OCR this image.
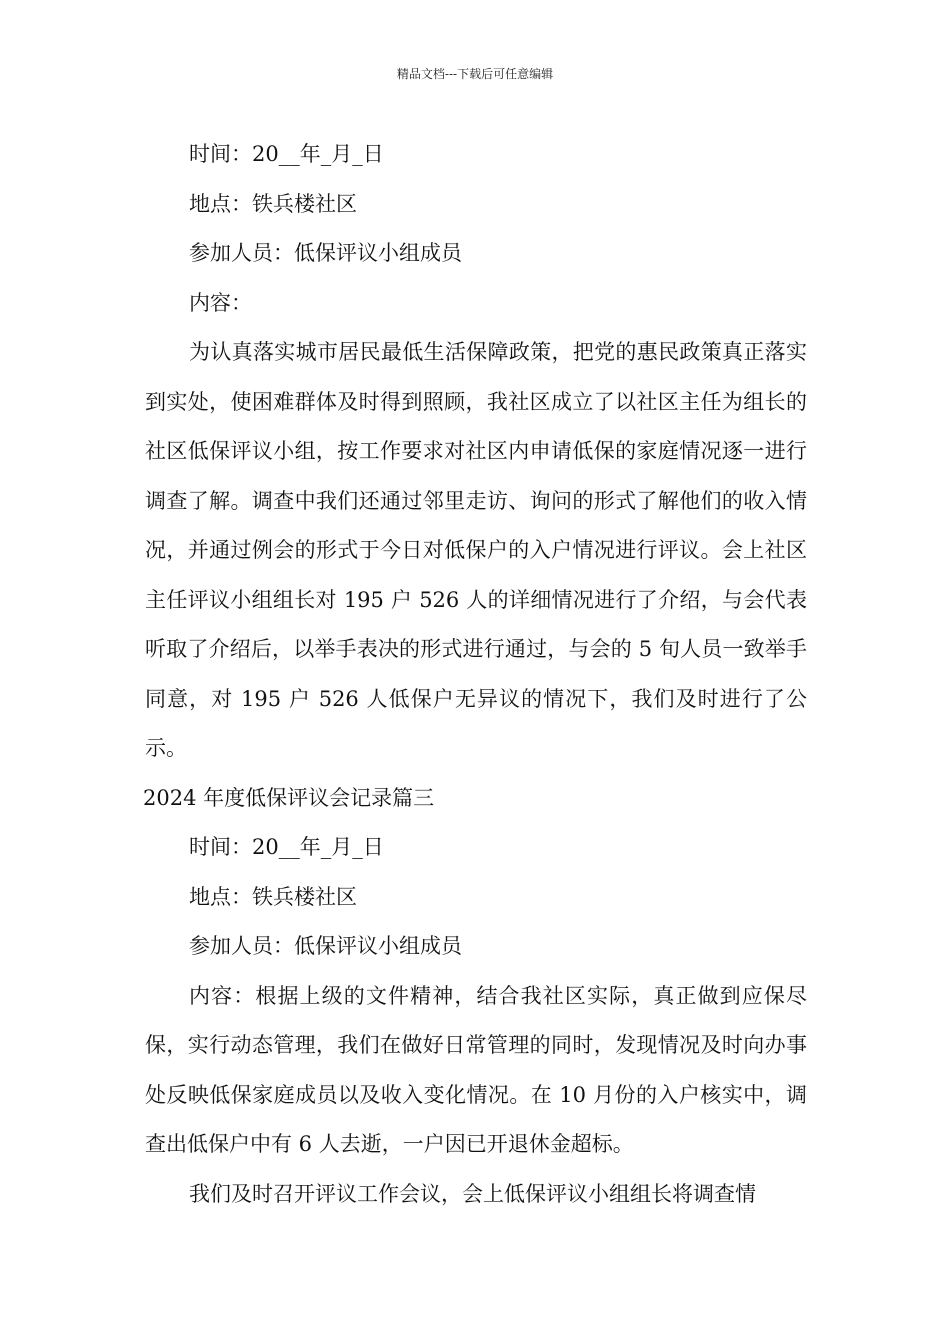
精品文档---下载后可任意编辑

时间：20__年_月_日

地点：铁兵楼社区

参加人员：低保评议小组成员

内容：

为认真落实城市居民最低生活保障政策，把党的惠民政策真正落实到实处，使困难群体及时得到照顾，我社区成立了以社区主任为组长的社区低保评议小组，按工作要求对社区内申请低保的家庭情况逐一进行调查了解。调查中我们还通过邻里走访、询问的形式了解他们的收入情况，并通过例会的形式于今日对低保户的入户情况进行评议。会上社区主任评议小组组长对 195 户 526 人的详细情况进行了介绍，与会代表听取了介绍后，以举手表决的形式进行通过，与会的 5 旬人员一致举手同意，对 195 户 526 人低保户无异议的情况下，我们及时进行了公示。

2024 年度低保评议会记录篇三

时间：20__年_月_日

地点：铁兵楼社区

参加人员：低保评议小组成员

内容：根据上级的文件精神，结合我社区实际，真正做到应保尽保，实行动态管理，我们在做好日常管理的同时，发现情况及时向办事处反映低保家庭成员以及收入变化情况。在 10 月份的入户核实中，调查出低保户中有 6 人去逝，一户因已开退休金超标。

我们及时召开评议工作会议，会上低保评议小组组长将调查情
